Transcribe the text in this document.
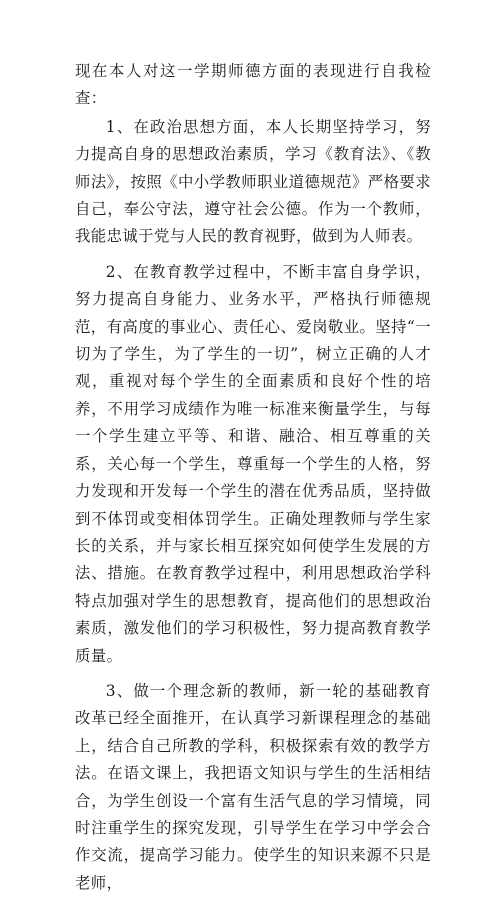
现在本人对这一学期师德方面的表现进行自我检查：

1、在政治思想方面，本人长期坚持学习，努力提高自身的思想政治素质，学习《教育法》、《教师法》，按照《中小学教师职业道德规范》严格要求自己，奉公守法，遵守社会公德。作为一个教师，我能忠诚于党与人民的教育视野，做到为人师表。

2、在教育教学过程中，不断丰富自身学识，努力提高自身能力、业务水平，严格执行师德规范，有高度的事业心、责任心、爱岗敬业。坚持“一切为了学生，为了学生的一切”，树立正确的人才观，重视对每个学生的全面素质和良好个性的培养，不用学习成绩作为唯一标准来衡量学生，与每一个学生建立平等、和谐、融洽、相互尊重的关系，关心每一个学生，尊重每一个学生的人格，努力发现和开发每一个学生的潜在优秀品质，坚持做到不体罚或变相体罚学生。正确处理教师与学生家长的关系，并与家长相互探究如何使学生发展的方法、措施。在教育教学过程中，利用思想政治学科特点加强对学生的思想教育，提高他们的思想政治素质，激发他们的学习积极性，努力提高教育教学质量。

3、做一个理念新的教师，新一轮的基础教育改革已经全面推开，在认真学习新课程理念的基础上，结合自己所教的学科，积极探索有效的教学方法。在语文课上，我把语文知识与学生的生活相结合，为学生创设一个富有生活气息的学习情境，同时注重学生的探究发现，引导学生在学习中学会合作交流，提高学习能力。使学生的知识来源不只是老师，
